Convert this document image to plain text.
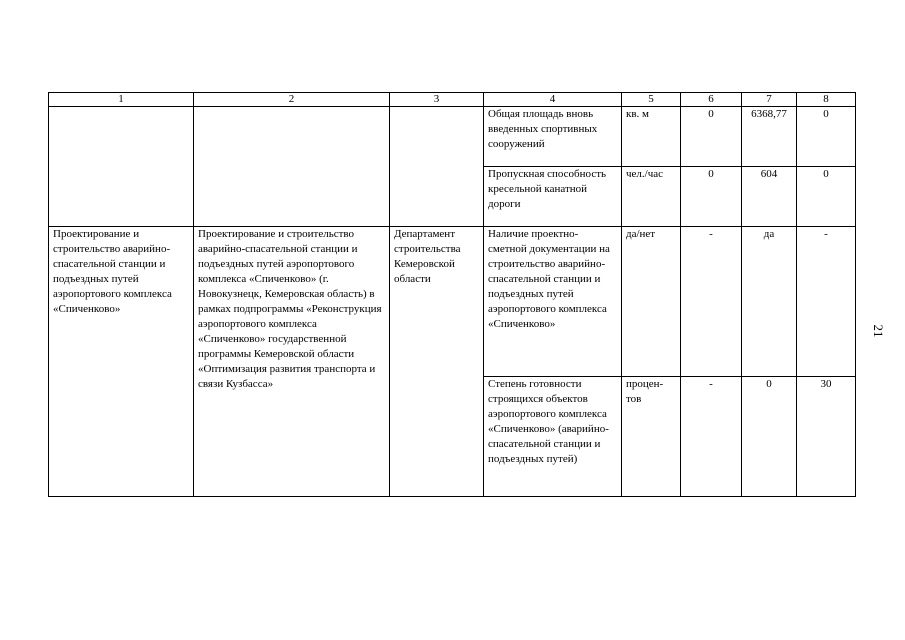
1	2	3	4	5	6	7	8
			Общая площадь вновь введенных спортивных сооружений	кв. м	0	6368,77	0
			Пропускная способность кресельной канатной дороги	чел./час	0	604	0
Проектирование и строительство аварийно-спасательной станции и подъездных путей аэропортового комплекса «Спиченково»	Проектирование и строительство аварийно-спасательной станции и подъездных путей аэропортового комплекса «Спиченково» (г. Новокузнецк, Кемеровская область) в рамках подпрограммы «Реконструкция аэропортового комплекса «Спиченково» государственной программы Кемеровской области «Оптимизация развития транспорта и связи Кузбасса»	Департамент строительства Кемеровской области	Наличие проектно-сметной документации на строительство аварийно-спасательной станции и подъездных путей аэропортового комплекса «Спиченково»	да/нет	-	да	-
			Степень готовности строящихся объектов аэропортового комплекса «Спиченково» (аварийно-спасательной станции и подъездных путей)	процен-тов	-	0	30
21
